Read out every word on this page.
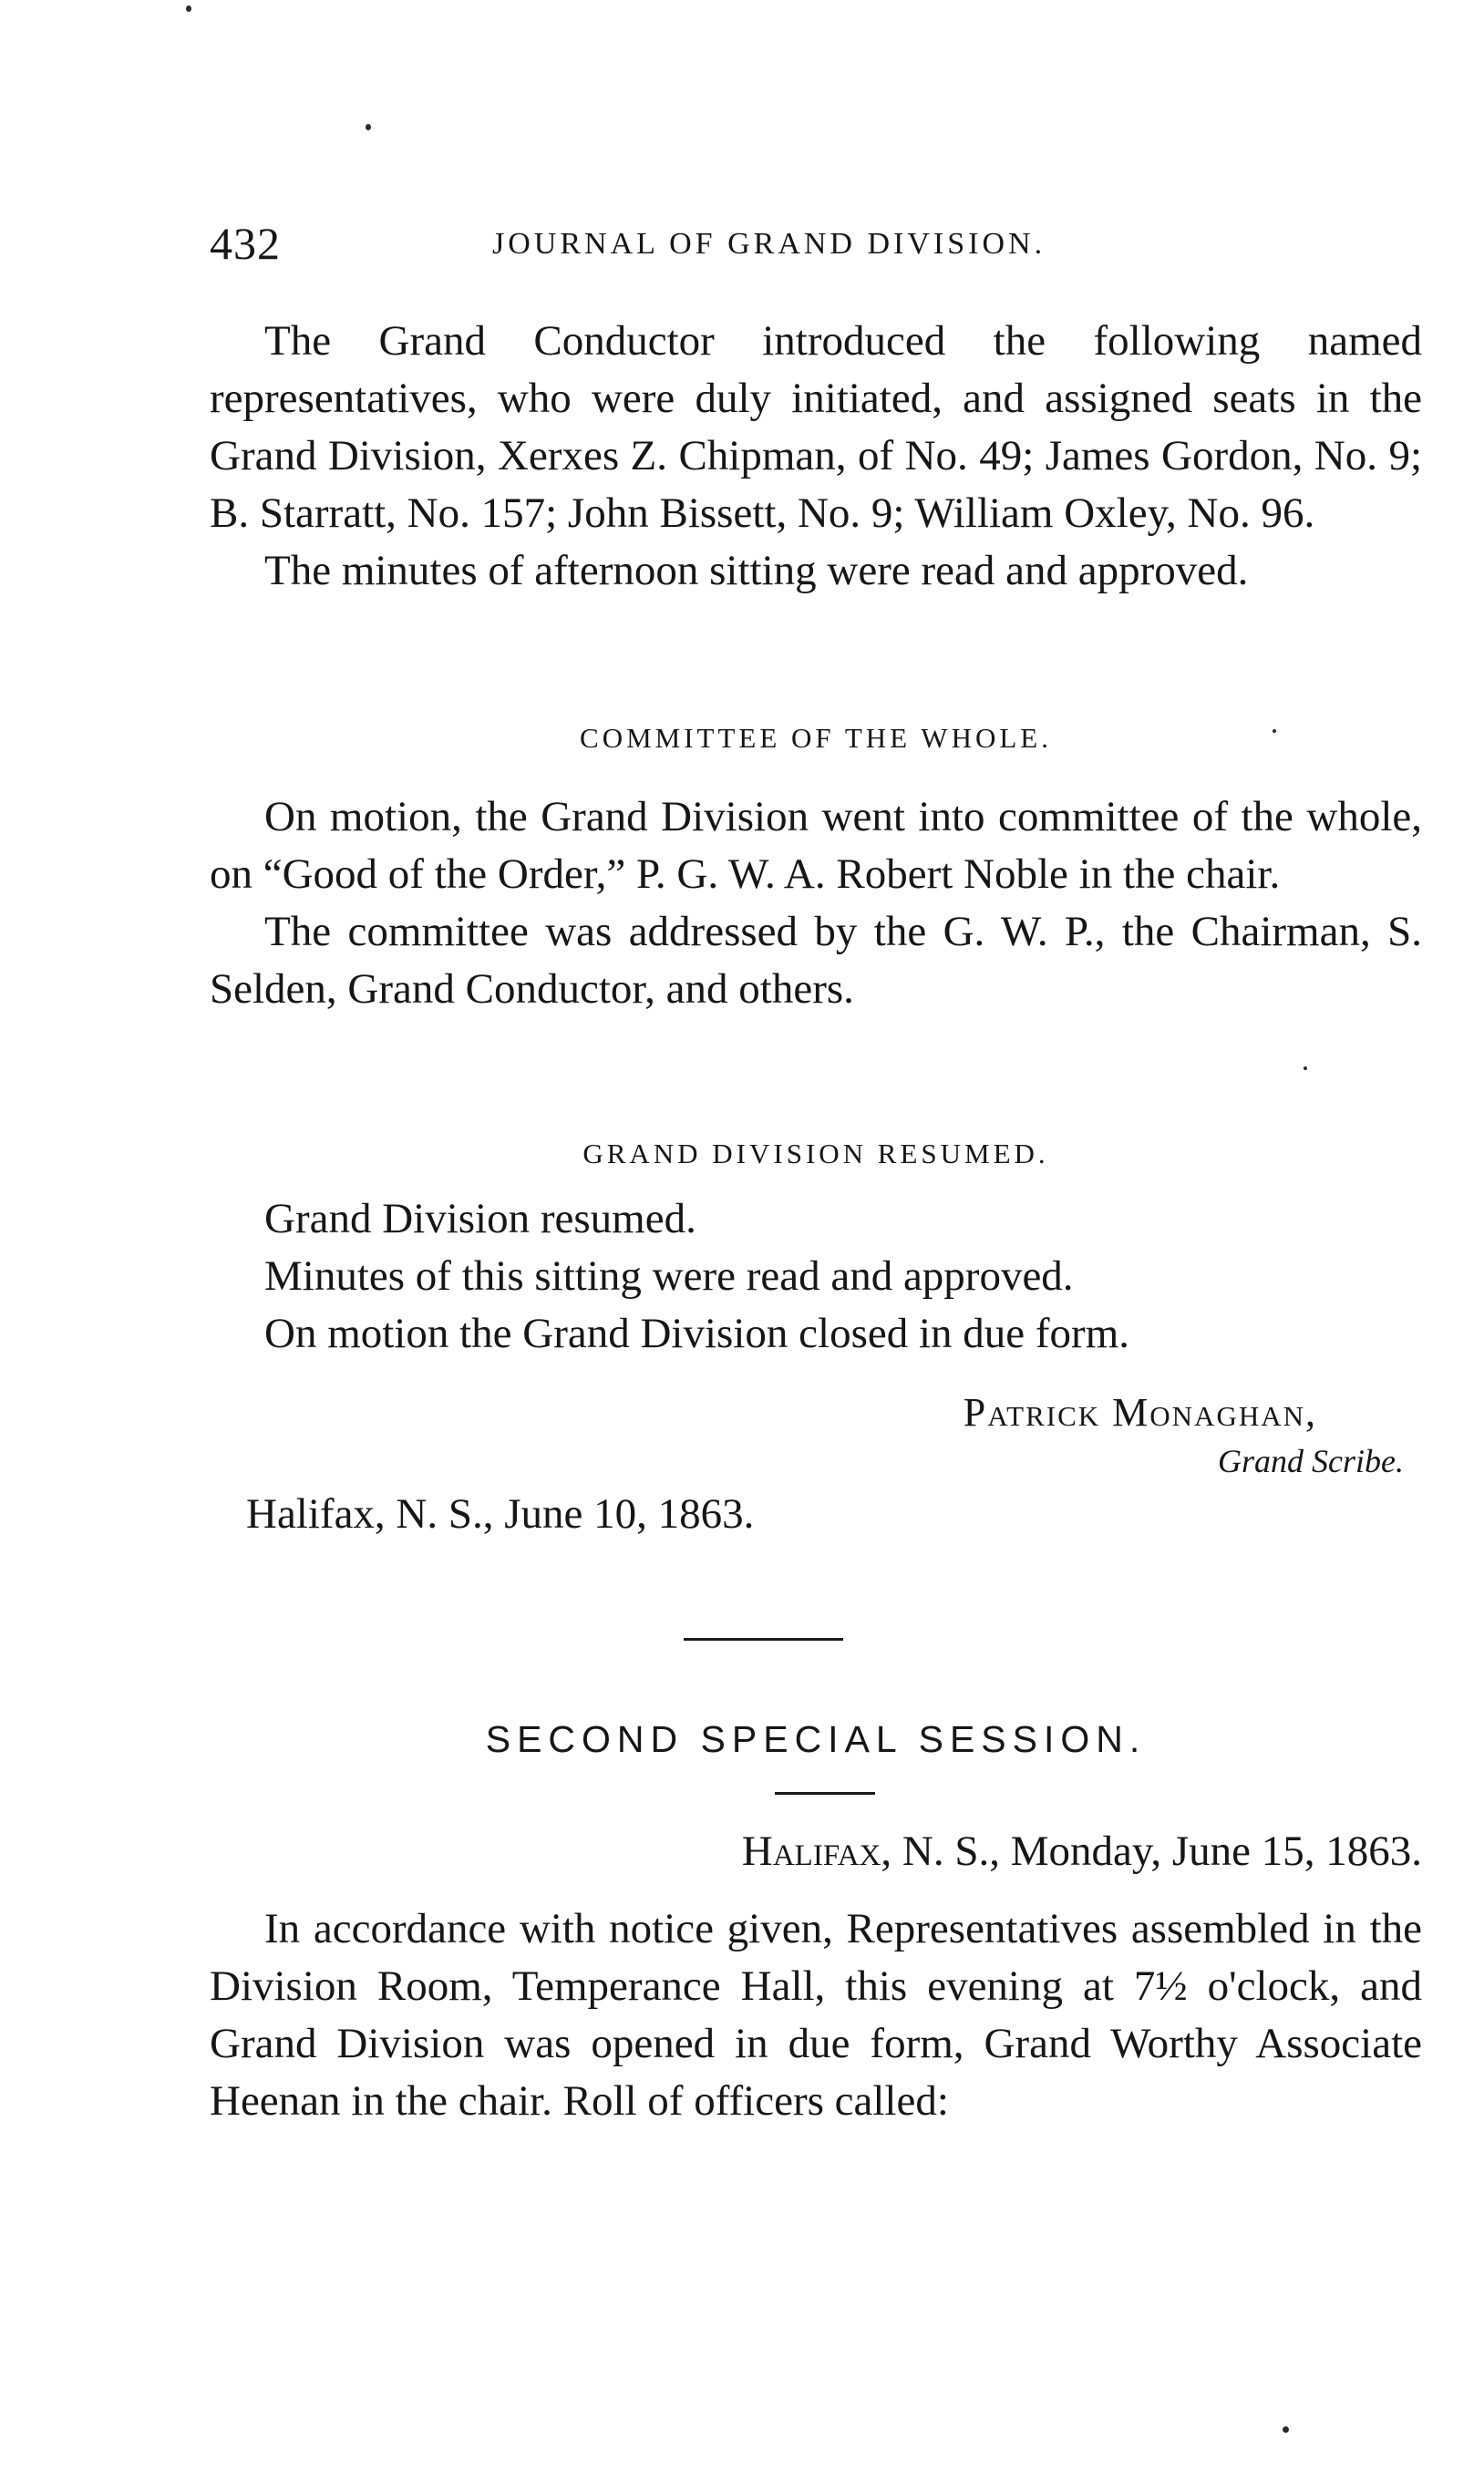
432	JOURNAL OF GRAND DIVISION.

The Grand Conductor introduced the following named representatives, who were duly initiated, and assigned seats in the Grand Division, Xerxes Z. Chipman, of No. 49; James Gordon, No. 9; B. Starratt, No. 157; John Bissett, No. 9; William Oxley, No. 96.

The minutes of afternoon sitting were read and approved.

COMMITTEE OF THE WHOLE.

On motion, the Grand Division went into committee of the whole, on “Good of the Order,” P. G. W. A. Robert Noble in the chair.

The committee was addressed by the G. W. P., the Chairman, S. Selden, Grand Conductor, and others.

GRAND DIVISION RESUMED.

Grand Division resumed.

Minutes of this sitting were read and approved.

On motion the Grand Division closed in due form.

Patrick Monaghan,
Grand Scribe.
Halifax, N. S., June 10, 1863.
SECOND SPECIAL SESSION.
Halifax, N. S., Monday, June 15, 1863.

In accordance with notice given, Representatives assembled in the Division Room, Temperance Hall, this evening at 7½ o'clock, and Grand Division was opened in due form, Grand Worthy Associate Heenan in the chair. Roll of officers called:
